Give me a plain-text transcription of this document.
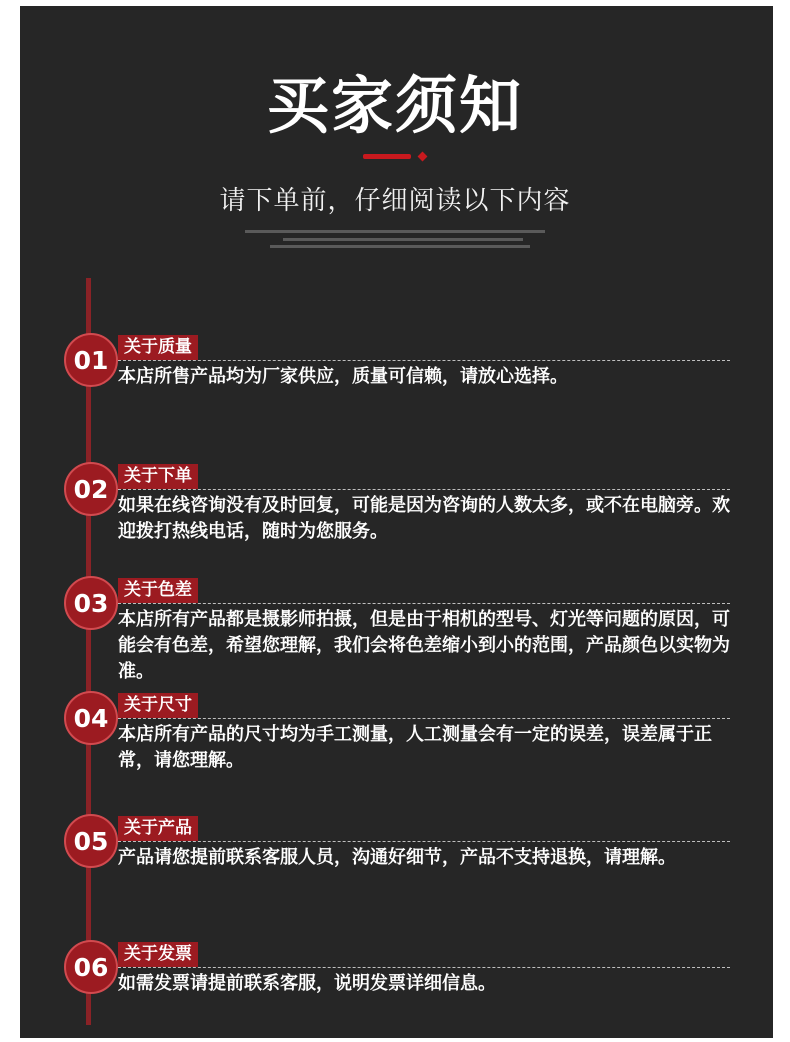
买家须知
请下单前，仔细阅读以下内容
01 关于质量
本店所售产品均为厂家供应，质量可信赖，请放心选择。
02 关于下单
如果在线咨询没有及时回复，可能是因为咨询的人数太多，或不在电脑旁。欢迎拨打热线电话，随时为您服务。
03 关于色差
本店所有产品都是摄影师拍摄，但是由于相机的型号、灯光等问题的原因，可能会有色差，希望您理解，我们会将色差缩小到小的范围，产品颜色以实物为准。
04 关于尺寸
本店所有产品的尺寸均为手工测量，人工测量会有一定的误差，误差属于正常，请您理解。
05 关于产品
产品请您提前联系客服人员，沟通好细节，产品不支持退换，请理解。
06 关于发票
如需发票请提前联系客服，说明发票详细信息。
